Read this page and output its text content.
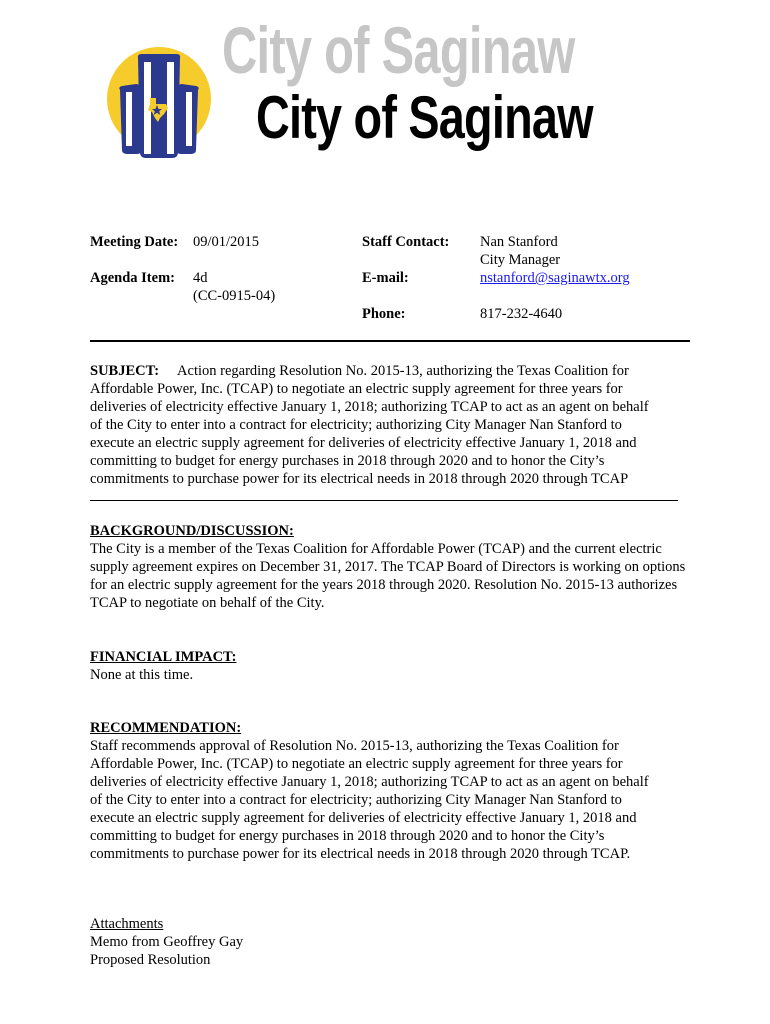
City of Saginaw
City of Saginaw
Meeting Date: 09/01/2015
Agenda Item: 4d
(CC-0915-04)
Staff Contact: Nan Stanford
City Manager
E-mail:	nstanford@saginawtx.org
Phone:	817-232-4640
SUBJECT: Action regarding Resolution No. 2015-13, authorizing the Texas Coalition for
Affordable Power, Inc. (TCAP) to negotiate an electric supply agreement for three years for
deliveries of electricity effective January 1, 2018; authorizing TCAP to act as an agent on behalf
of the City to enter into a contract for electricity; authorizing City Manager Nan Stanford to
execute an electric supply agreement for deliveries of electricity effective January 1, 2018 and
committing to budget for energy purchases in 2018 through 2020 and to honor the City’s
commitments to purchase power for its electrical needs in 2018 through 2020 through TCAP
BACKGROUND/DISCUSSION:
The City is a member of the Texas Coalition for Affordable Power (TCAP) and the current electric
supply agreement expires on December 31, 2017. The TCAP Board of Directors is working on options
for an electric supply agreement for the years 2018 through 2020. Resolution No. 2015-13 authorizes
TCAP to negotiate on behalf of the City.
FINANCIAL IMPACT:
None at this time.
RECOMMENDATION:
Staff recommends approval of Resolution No. 2015-13, authorizing the Texas Coalition for
Affordable Power, Inc. (TCAP) to negotiate an electric supply agreement for three years for
deliveries of electricity effective January 1, 2018; authorizing TCAP to act as an agent on behalf
of the City to enter into a contract for electricity; authorizing City Manager Nan Stanford to
execute an electric supply agreement for deliveries of electricity effective January 1, 2018 and
committing to budget for energy purchases in 2018 through 2020 and to honor the City’s
commitments to purchase power for its electrical needs in 2018 through 2020 through TCAP.
Attachments
Memo from Geoffrey Gay
Proposed Resolution
